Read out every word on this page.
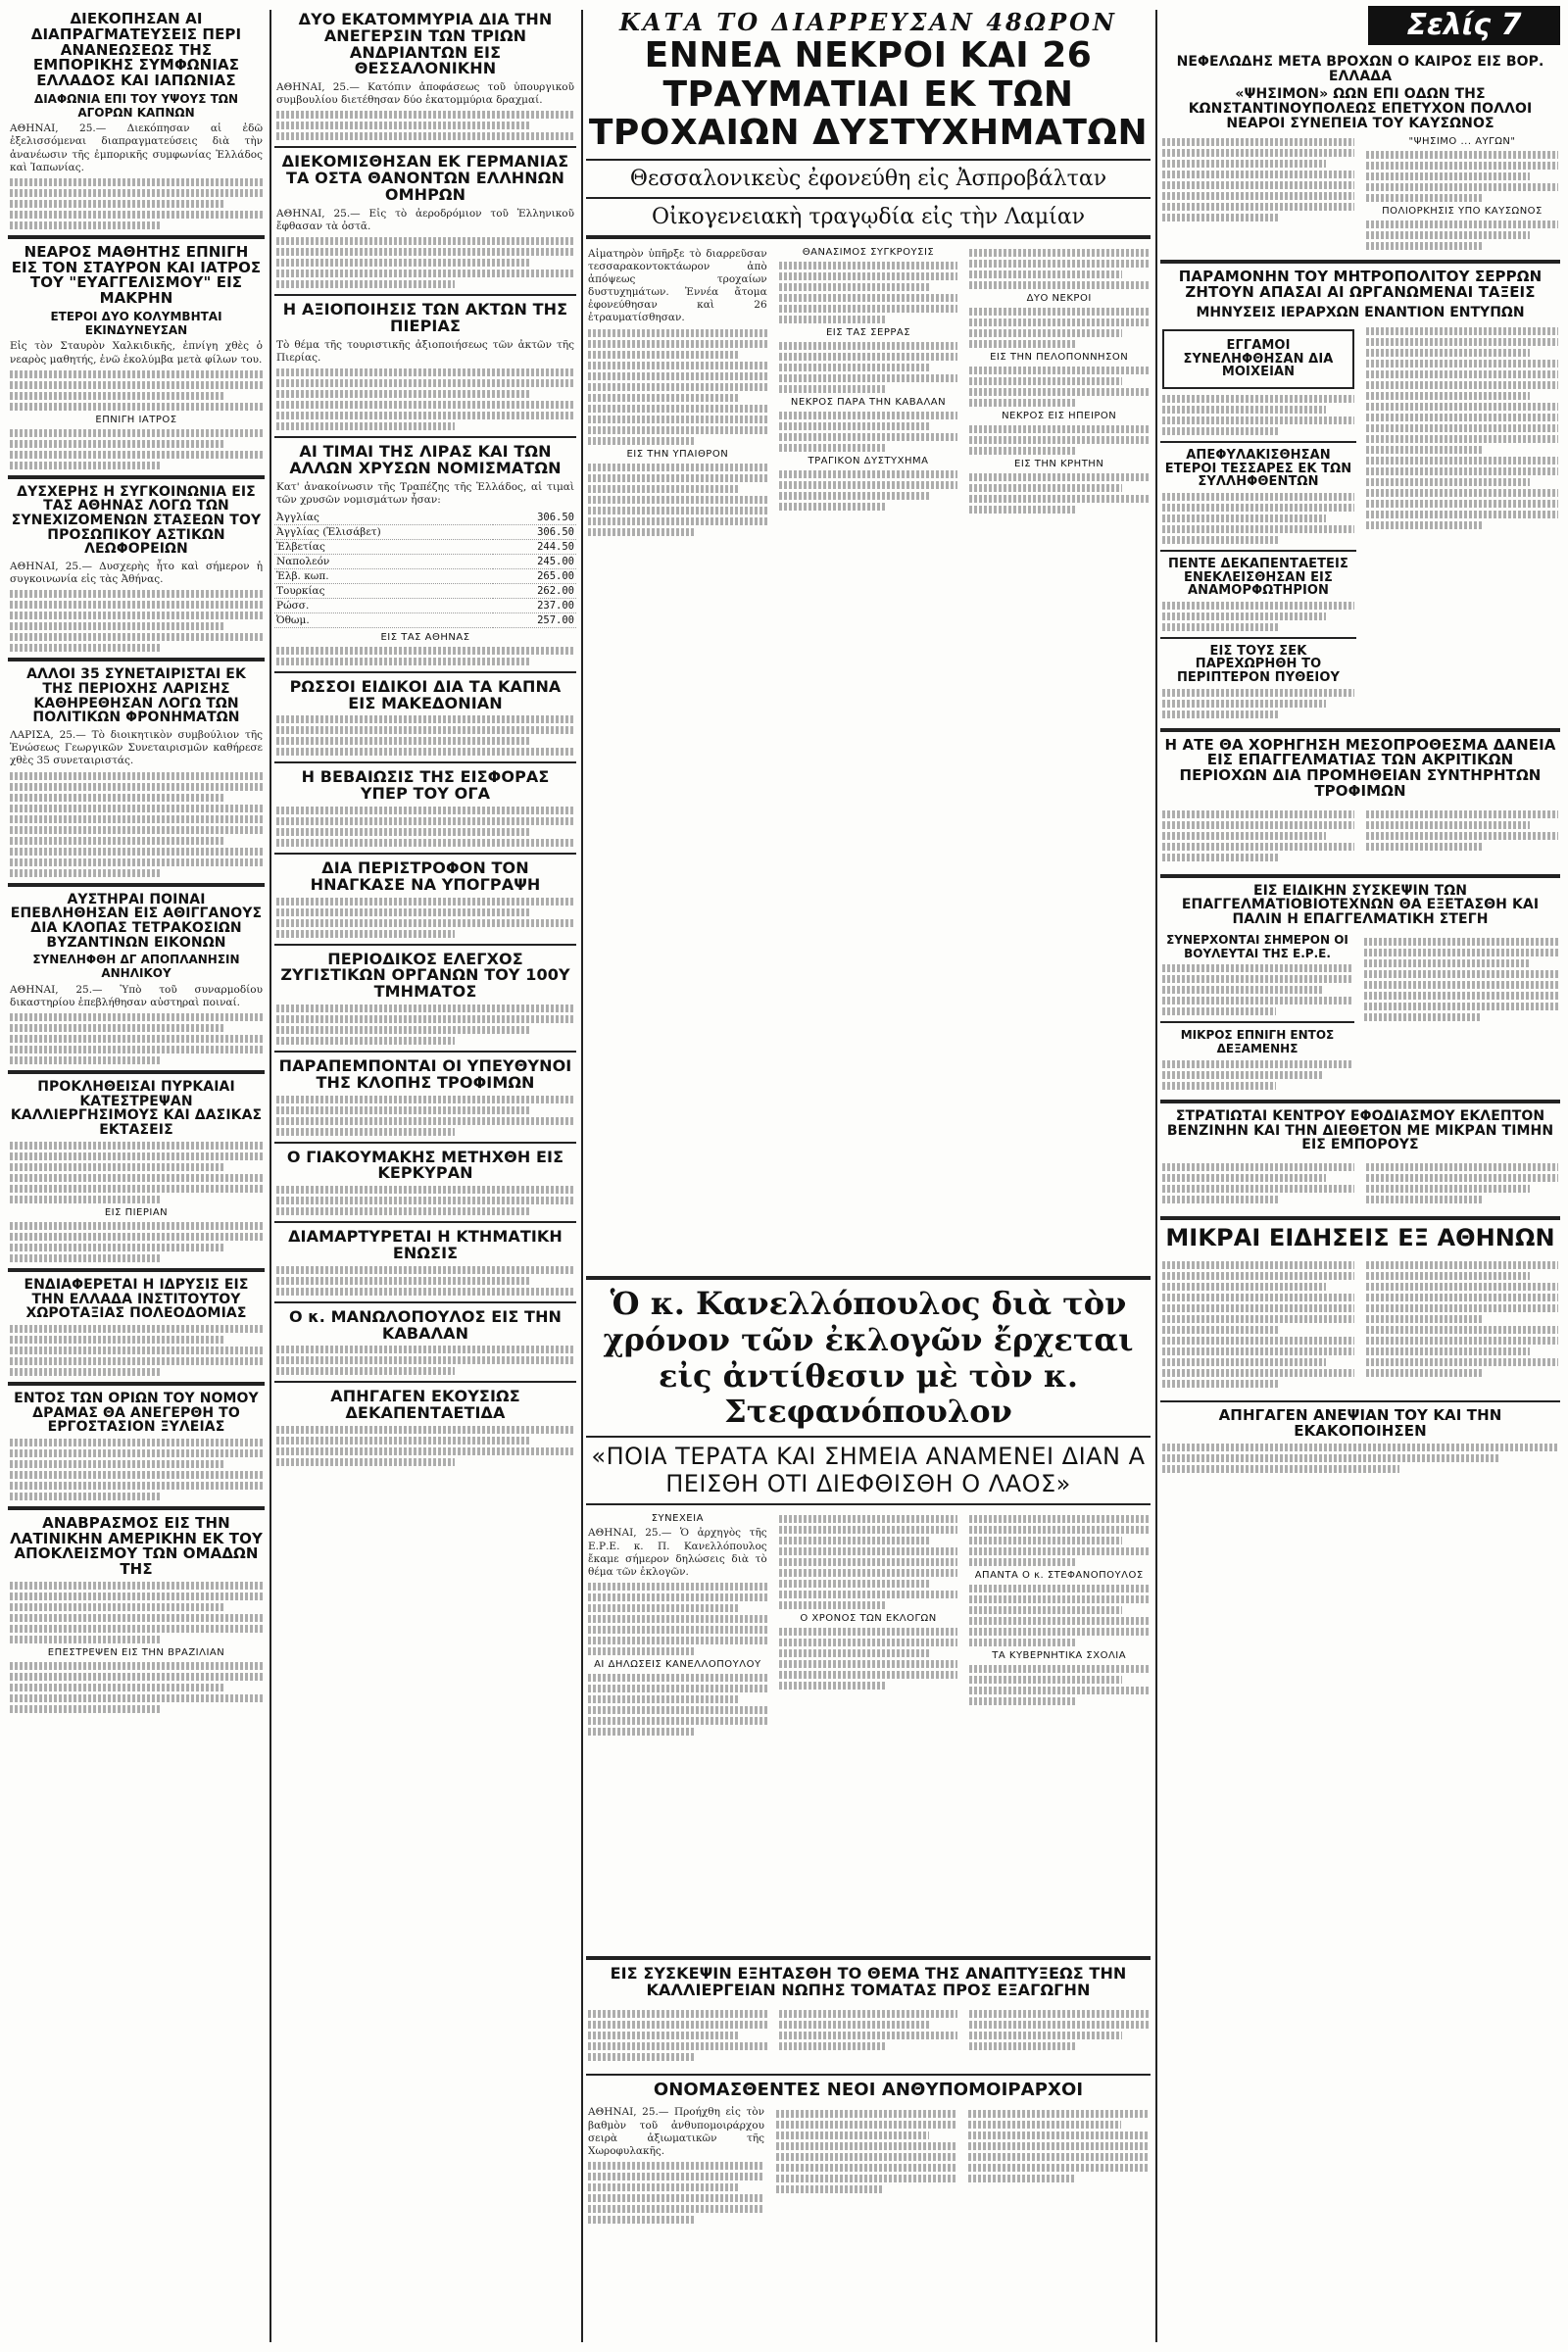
ΔΙΕΚΟΠΗΣΑΝ ΑΙ ΔΙΑΠΡΑΓΜΑΤΕΥΣΕΙΣ ΠΕΡΙ ΑΝΑΝΕΩΣΕΩΣ ΤΗΣ ΕΜΠΟΡΙΚΗΣ ΣΥΜΦΩΝΙΑΣ ΕΛΛΑΔΟΣ ΚΑΙ ΙΑΠΩΝΙΑΣ
ΔΙΑΦΩΝΙΑ ΕΠΙ ΤΟΥ ΥΨΟΥΣ ΤΩΝ ΑΓΟΡΩΝ ΚΑΠΝΩΝ

ΑΘΗΝΑΙ, 25.— Διεκόπησαν αἱ ἐδῶ ἐξελισσόμεναι διαπραγματεύσεις διὰ τὴν ἀνανέωσιν τῆς ἐμπορικῆς συμφωνίας Ἑλλάδος καὶ Ἰαπωνίας.

ΝΕΑΡΟΣ ΜΑΘΗΤΗΣ ΕΠΝΙΓΗ ΕΙΣ ΤΟΝ ΣΤΑΥΡΟΝ ΚΑΙ ΙΑΤΡΟΣ ΤΟΥ "ΕΥΑΓΓΕΛΙΣΜΟΥ" ΕΙΣ ΜΑΚΡΗΝ
ΕΤΕΡΟΙ ΔΥΟ ΚΟΛΥΜΒΗΤΑΙ ΕΚΙΝΔΥΝΕΥΣΑΝ

Εἰς τὸν Σταυρὸν Χαλκιδικῆς, ἐπνίγη χθὲς ὁ νεαρὸς μαθητής, ἐνῶ ἐκολύμβα μετὰ φίλων του.

ΕΠΝΙΓΗ ΙΑΤΡΟΣ
ΔΥΣΧΕΡΗΣ Η ΣΥΓΚΟΙΝΩΝΙΑ ΕΙΣ ΤΑΣ ΑΘΗΝΑΣ ΛΟΓΩ ΤΩΝ ΣΥΝΕΧΙΖΟΜΕΝΩΝ ΣΤΑΣΕΩΝ ΤΟΥ ΠΡΟΣΩΠΙΚΟΥ ΑΣΤΙΚΩΝ ΛΕΩΦΟΡΕΙΩΝ

ΑΘΗΝΑΙ, 25.— Δυσχερὴς ἦτο καὶ σήμερον ἡ συγκοινωνία εἰς τὰς Ἀθήνας.

ΑΛΛΟΙ 35 ΣΥΝΕΤΑΙΡΙΣΤΑΙ ΕΚ ΤΗΣ ΠΕΡΙΟΧΗΣ ΛΑΡΙΣΗΣ ΚΑΘΗΡΕΘΗΣΑΝ ΛΟΓΩ ΤΩΝ ΠΟΛΙΤΙΚΩΝ ΦΡΟΝΗΜΑΤΩΝ

ΛΑΡΙΣΑ, 25.— Τὸ διοικητικὸν συμβούλιον τῆς Ἑνώσεως Γεωργικῶν Συνεταιρισμῶν καθήρεσε χθὲς 35 συνεταιριστάς.

ΑΥΣΤΗΡΑΙ ΠΟΙΝΑΙ ΕΠΕΒΛΗΘΗΣΑΝ ΕΙΣ ΑΘΙΓΓΑΝΟΥΣ ΔΙΑ ΚΛΟΠΑΣ ΤΕΤΡΑΚΟΣΙΩΝ ΒΥΖΑΝΤΙΝΩΝ ΕΙΚΟΝΩΝ
ΣΥΝΕΛΗΦΘΗ ΔΓ ΑΠΟΠΛΑΝΗΣΙΝ ΑΝΗΛΙΚΟΥ

ΑΘΗΝΑΙ, 25.— Ὑπὸ τοῦ συναρμοδίου δικαστηρίου ἐπεβλήθησαν αὐστηραὶ ποιναί.

ΠΡΟΚΛΗΘΕΙΣΑΙ ΠΥΡΚΑΙΑΙ ΚΑΤΕΣΤΡΕΨΑΝ ΚΑΛΛΙΕΡΓΗΣΙΜΟΥΣ ΚΑΙ ΔΑΣΙΚΑΣ ΕΚΤΑΣΕΙΣ
ΕΙΣ ΠΙΕΡΙΑΝ
ΕΝΔΙΑΦΕΡΕΤΑΙ Η ΙΔΡΥΣΙΣ ΕΙΣ ΤΗΝ ΕΛΛΑΔΑ ΙΝΣΤΙΤΟΥΤΟΥ ΧΩΡΟΤΑΞΙΑΣ ΠΟΛΕΟΔΟΜΙΑΣ
ΕΝΤΟΣ ΤΩΝ ΟΡΙΩΝ ΤΟΥ ΝΟΜΟΥ ΔΡΑΜΑΣ ΘΑ ΑΝΕΓΕΡΘΗ ΤΟ ΕΡΓΟΣΤΑΣΙΟΝ ΞΥΛΕΙΑΣ
ΑΝΑΒΡΑΣΜΟΣ ΕΙΣ ΤΗΝ ΛΑΤΙΝΙΚΗΝ ΑΜΕΡΙΚΗΝ ΕΚ ΤΟΥ ΑΠΟΚΛΕΙΣΜΟΥ ΤΩΝ ΟΜΑΔΩΝ ΤΗΣ
ΕΠΕΣΤΡΕΨΕΝ ΕΙΣ ΤΗΝ ΒΡΑΖΙΛΙΑΝ
ΔΥΟ ΕΚΑΤΟΜΜΥΡΙΑ ΔΙΑ ΤΗΝ ΑΝΕΓΕΡΣΙΝ ΤΩΝ ΤΡΙΩΝ ΑΝΔΡΙΑΝΤΩΝ ΕΙΣ ΘΕΣΣΑΛΟΝΙΚΗΝ

ΑΘΗΝΑΙ, 25.— Κατόπιν ἀποφάσεως τοῦ ὑπουργικοῦ συμβουλίου διετέθησαν δύο ἑκατομμύρια δραχμαί.

ΔΙΕΚΟΜΙΣΘΗΣΑΝ ΕΚ ΓΕΡΜΑΝΙΑΣ ΤΑ ΟΣΤΑ ΘΑΝΟΝΤΩΝ ΕΛΛΗΝΩΝ ΟΜΗΡΩΝ

ΑΘΗΝΑΙ, 25.— Εἰς τὸ ἀεροδρόμιον τοῦ Ἑλληνικοῦ ἔφθασαν τὰ ὀστᾶ.

Η ΑΞΙΟΠΟΙΗΣΙΣ ΤΩΝ ΑΚΤΩΝ ΤΗΣ ΠΙΕΡΙΑΣ

Τὸ θέμα τῆς τουριστικῆς ἀξιοποιήσεως τῶν ἀκτῶν τῆς Πιερίας.

ΑΙ ΤΙΜΑΙ ΤΗΣ ΛΙΡΑΣ ΚΑΙ ΤΩΝ ΑΛΛΩΝ ΧΡΥΣΩΝ ΝΟΜΙΣΜΑΤΩΝ

Κατ' ἀνακοίνωσιν τῆς Τραπέζης τῆς Ἑλλάδος, αἱ τιμαὶ τῶν χρυσῶν νομισμάτων ἦσαν:

Ἀγγλίας	306.50
Ἀγγλίας (Ἐλισάβετ)	306.50
Ἑλβετίας	244.50
Ναπολεόν	245.00
Ἑλβ. κωπ.	265.00
Τουρκίας	262.00
Ρώσσ.	237.00
Ὀθωμ.	257.00
ΕΙΣ ΤΑΣ ΑΘΗΝΑΣ
ΡΩΣΣΟΙ ΕΙΔΙΚΟΙ ΔΙΑ ΤΑ ΚΑΠΝΑ ΕΙΣ ΜΑΚΕΔΟΝΙΑΝ
Η ΒΕΒΑΙΩΣΙΣ ΤΗΣ ΕΙΣΦΟΡΑΣ ΥΠΕΡ ΤΟΥ ΟΓΑ
ΔΙΑ ΠΕΡΙΣΤΡΟΦΟΝ ΤΟΝ ΗΝΑΓΚΑΣΕ ΝΑ ΥΠΟΓΡΑΨΗ
ΠΕΡΙΟΔΙΚΟΣ ΕΛΕΓΧΟΣ ΖΥΓΙΣΤΙΚΩΝ ΟΡΓΑΝΩΝ ΤΟΥ 100Υ ΤΜΗΜΑΤΟΣ
ΠΑΡΑΠΕΜΠΟΝΤΑΙ ΟΙ ΥΠΕΥΘΥΝΟΙ ΤΗΣ ΚΛΟΠΗΣ ΤΡΟΦΙΜΩΝ
Ο ΓΙΑΚΟΥΜΑΚΗΣ ΜΕΤΗΧΘΗ ΕΙΣ ΚΕΡΚΥΡΑΝ
ΔΙΑΜΑΡΤΥΡΕΤΑΙ Η ΚΤΗΜΑΤΙΚΗ ΕΝΩΣΙΣ
Ο κ. ΜΑΝΩΛΟΠΟΥΛΟΣ ΕΙΣ ΤΗΝ ΚΑΒΑΛΑΝ
ΑΠΗΓΑΓΕΝ ΕΚΟΥΣΙΩΣ ΔΕΚΑΠΕΝΤΑΕΤΙΔΑ
ΚΑΤΑ ΤΟ ΔΙΑΡΡΕΥΣΑΝ 48ΩΡΟΝ
ΕΝΝΕΑ ΝΕΚΡΟΙ ΚΑΙ 26 ΤΡΑΥΜΑΤΙΑΙ ΕΚ ΤΩΝ ΤΡΟΧΑΙΩΝ ΔΥΣΤΥΧΗΜΑΤΩΝ
Θεσσαλονικεὺς ἐφονεύθη εἰς Ἀσπροβάλταν
Οἰκογενειακὴ τραγῳδία εἰς τὴν Λαμίαν

Αἱματηρὸν ὑπῆρξε τὸ διαρρεῦσαν τεσσαρακοντοκτάωρον ἀπὸ ἀπόψεως τροχαίων δυστυχημάτων. Ἐννέα ἄτομα ἐφονεύθησαν καὶ 26 ἐτραυματίσθησαν.

ΕΙΣ ΤΗΝ ΥΠΑΙΘΡΟΝ
ΘΑΝΑΣΙΜΟΣ ΣΥΓΚΡΟΥΣΙΣ
ΕΙΣ ΤΑΣ ΣΕΡΡΑΣ
ΝΕΚΡΟΣ ΠΑΡΑ ΤΗΝ ΚΑΒΑΛΑΝ
ΤΡΑΓΙΚΟΝ ΔΥΣΤΥΧΗΜΑ
ΔΥΟ ΝΕΚΡΟΙ
ΕΙΣ ΤΗΝ ΠΕΛΟΠΟΝΝΗΣΟΝ
ΝΕΚΡΟΣ ΕΙΣ ΗΠΕΙΡΟΝ
ΕΙΣ ΤΗΝ ΚΡΗΤΗΝ
Ὁ κ. Κανελλόπουλος διὰ τὸν χρόνον τῶν ἐκλογῶν ἔρχεται εἰς ἀντίθεσιν μὲ τὸν κ. Στεφανόπουλον
«ΠΟΙΑ ΤΕΡΑΤΑ ΚΑΙ ΣΗΜΕΙΑ ΑΝΑΜΕΝΕΙ ΔΙΑΝ Α ΠΕΙΣΘΗ ΟΤΙ ΔΙΕΦΘΙΣΘΗ Ο ΛΑΟΣ»
ΣΥΝΕΧΕΙΑ

ΑΘΗΝΑΙ, 25.— Ὁ ἀρχηγὸς τῆς Ε.Ρ.Ε. κ. Π. Κανελλόπουλος ἔκαμε σήμερον δηλώσεις διὰ τὸ θέμα τῶν ἐκλογῶν.

ΑΙ ΔΗΛΩΣΕΙΣ ΚΑΝΕΛΛΟΠΟΥΛΟΥ
Ο ΧΡΟΝΟΣ ΤΩΝ ΕΚΛΟΓΩΝ
ΑΠΑΝΤΑ Ο κ. ΣΤΕΦΑΝΟΠΟΥΛΟΣ
ΤΑ ΚΥΒΕΡΝΗΤΙΚΑ ΣΧΟΛΙΑ
ΕΙΣ ΣΥΣΚΕΨΙΝ ΕΞΗΤΑΣΘΗ ΤΟ ΘΕΜΑ ΤΗΣ ΑΝΑΠΤΥΞΕΩΣ ΤΗΝ ΚΑΛΛΙΕΡΓΕΙΑΝ ΝΩΠΗΣ ΤΟΜΑΤΑΣ ΠΡΟΣ ΕΞΑΓΩΓΗΝ
ΟΝΟΜΑΣΘΕΝΤΕΣ ΝΕΟΙ ΑΝΘΥΠΟΜΟΙΡΑΡΧΟΙ

ΑΘΗΝΑΙ, 25.— Προήχθη εἰς τὸν βαθμὸν τοῦ ἀνθυπομοιράρχου σειρὰ ἀξιωματικῶν τῆς Χωροφυλακῆς.

Σελίς 7
ΝΕΦΕΛΩΔΗΣ ΜΕΤΑ ΒΡΟΧΩΝ Ο ΚΑΙΡΟΣ ΕΙΣ ΒΟΡ. ΕΛΛΑΔΑ
«ΨΗΣΙΜΟΝ» ΩΩΝ ΕΠΙ ΟΔΩΝ ΤΗΣ ΚΩΝΣΤΑΝΤΙΝΟΥΠΟΛΕΩΣ ΕΠΕΤΥΧΟΝ ΠΟΛΛΟΙ ΝΕΑΡΟΙ ΣΥΝΕΠΕΙΑ ΤΟΥ ΚΑΥΣΩΝΟΣ
"ΨΗΣΙΜΟ ... ΑΥΓΩΝ"
ΠΟΛΙΟΡΚΗΣΙΣ ΥΠΟ ΚΑΥΣΩΝΟΣ
ΠΑΡΑΜΟΝΗΝ ΤΟΥ ΜΗΤΡΟΠΟΛΙΤΟΥ ΣΕΡΡΩΝ ΖΗΤΟΥΝ ΑΠΑΣΑΙ ΑΙ ΩΡΓΑΝΩΜΕΝΑΙ ΤΑΞΕΙΣ
ΜΗΝΥΣΕΙΣ ΙΕΡΑΡΧΩΝ ΕΝΑΝΤΙΟΝ ΕΝΤΥΠΩΝ
ΕΓΓΑΜΟΙ ΣΥΝΕΛΗΦΘΗΣΑΝ ΔΙΑ ΜΟΙΧΕΙΑΝ
ΑΠΕΦΥΛΑΚΙΣΘΗΣΑΝ ΕΤΕΡΟΙ ΤΕΣΣΑΡΕΣ ΕΚ ΤΩΝ ΣΥΛΛΗΦΘΕΝΤΩΝ
ΠΕΝΤΕ ΔΕΚΑΠΕΝΤΑΕΤΕΙΣ ΕΝΕΚΛΕΙΣΘΗΣΑΝ ΕΙΣ ΑΝΑΜΟΡΦΩΤΗΡΙΟΝ
ΕΙΣ ΤΟΥΣ ΣΕΚ ΠΑΡΕΧΩΡΗΘΗ ΤΟ ΠΕΡΙΠΤΕΡΟΝ ΠΥΘΕΙΟΥ
Η ΑΤΕ ΘΑ ΧΟΡΗΓΗΣΗ ΜΕΣΟΠΡΟΘΕΣΜΑ ΔΑΝΕΙΑ ΕΙΣ ΕΠΑΓΓΕΛΜΑΤΙΑΣ ΤΩΝ ΑΚΡΙΤΙΚΩΝ ΠΕΡΙΟΧΩΝ ΔΙΑ ΠΡΟΜΗΘΕΙΑΝ ΣΥΝΤΗΡΗΤΩΝ ΤΡΟΦΙΜΩΝ
ΕΙΣ ΕΙΔΙΚΗΝ ΣΥΣΚΕΨΙΝ ΤΩΝ ΕΠΑΓΓΕΛΜΑΤΙΟΒΙΟΤΕΧΝΩΝ ΘΑ ΕΞΕΤΑΣΘΗ ΚΑΙ ΠΑΛΙΝ Η ΕΠΑΓΓΕΛΜΑΤΙΚΗ ΣΤΕΓΗ
ΣΥΝΕΡΧΟΝΤΑΙ ΣΗΜΕΡΟΝ ΟΙ ΒΟΥΛΕΥΤΑΙ ΤΗΣ Ε.Ρ.Ε.
ΜΙΚΡΟΣ ΕΠΝΙΓΗ ΕΝΤΟΣ ΔΕΞΑΜΕΝΗΣ
ΣΤΡΑΤΙΩΤΑΙ ΚΕΝΤΡΟΥ ΕΦΟΔΙΑΣΜΟΥ ΕΚΛΕΠΤΟΝ ΒΕΝΖΙΝΗΝ ΚΑΙ ΤΗΝ ΔΙΕΘΕΤΟΝ ΜΕ ΜΙΚΡΑΝ ΤΙΜΗΝ ΕΙΣ ΕΜΠΟΡΟΥΣ
ΜΙΚΡΑΙ ΕΙΔΗΣΕΙΣ ΕΞ ΑΘΗΝΩΝ
ΑΠΗΓΑΓΕΝ ΑΝΕΨΙΑΝ ΤΟΥ ΚΑΙ ΤΗΝ ΕΚΑΚΟΠΟΙΗΣΕΝ
